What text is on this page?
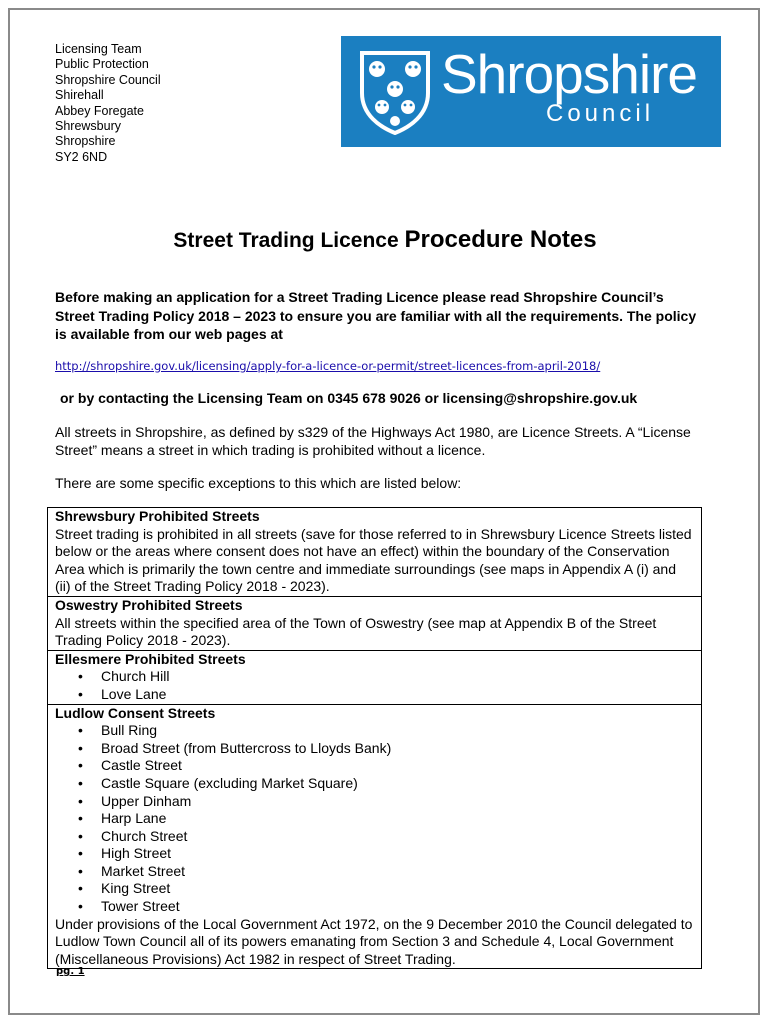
Licensing Team
Public Protection
Shropshire Council
Shirehall
Abbey Foregate
Shrewsbury
Shropshire
SY2 6ND
Shropshire
Council
Street Trading Licence Procedure Notes
Before making an application for a Street Trading Licence please read Shropshire Council’s Street Trading Policy 2018 – 2023 to ensure you are familiar with all the requirements. The policy is available from our web pages at
http://shropshire.gov.uk/licensing/apply-for-a-licence-or-permit/street-licences-from-april-2018/
or by contacting the Licensing Team on 0345 678 9026 or licensing@shropshire.gov.uk
All streets in Shropshire, as defined by s329 of the Highways Act 1980, are Licence Streets. A “License Street” means a street in which trading is prohibited without a licence.
There are some specific exceptions to this which are listed below:
Shrewsbury Prohibited Streets
Street trading is prohibited in all streets (save for those referred to in Shrewsbury Licence Streets listed below or the areas where consent does not have an effect) within the boundary of the Conservation Area which is primarily the town centre and immediate surroundings (see maps in Appendix A (i) and (ii) of the Street Trading Policy 2018 - 2023).
Oswestry Prohibited Streets
All streets within the specified area of the Town of Oswestry (see map at Appendix B of the Street Trading Policy 2018 - 2023).
Ellesmere Prohibited Streets
• Church Hill
• Love Lane
Ludlow Consent Streets
• Bull Ring
• Broad Street (from Buttercross to Lloyds Bank)
• Castle Street
• Castle Square (excluding Market Square)
• Upper Dinham
• Harp Lane
• Church Street
• High Street
• Market Street
• King Street
• Tower Street
Under provisions of the Local Government Act 1972, on the 9 December 2010 the Council delegated to Ludlow Town Council all of its powers emanating from Section 3 and Schedule 4, Local Government (Miscellaneous Provisions) Act 1982 in respect of Street Trading.
pg. 1
